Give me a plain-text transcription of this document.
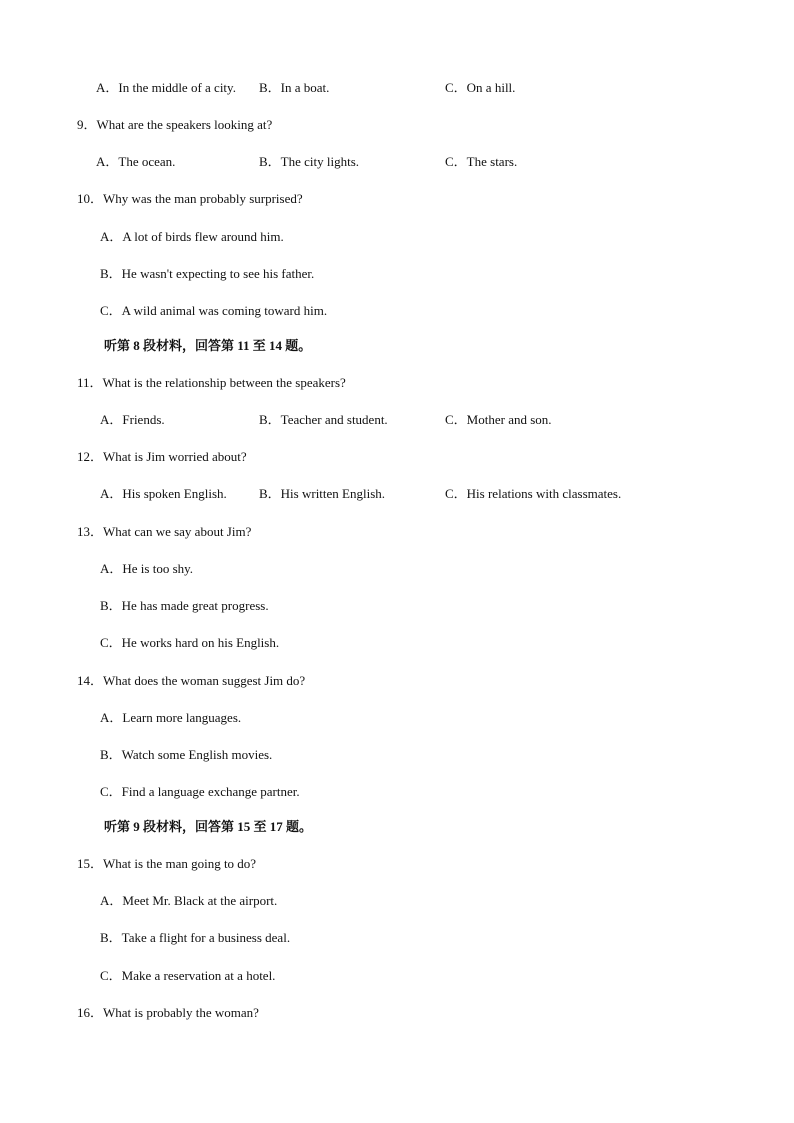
A．In the middle of a city. B．In a boat.	C．On a hill.
9．What are the speakers looking at?
A．The ocean.	B．The city lights.	C．The stars.
10．Why was the man probably surprised?
A．A lot of birds flew around him.
B．He wasn't expecting to see his father.
C．A wild animal was coming toward him.
听第 8 段材料，回答第 11 至 14 题。
11．What is the relationship between the speakers?
A．Friends.	B．Teacher and student.	C．Mother and son.
12．What is Jim worried about?
A．His spoken English. B．His written English.	C．His relations with classmates.
13．What can we say about Jim?
A．He is too shy.
B．He has made great progress.
C．He works hard on his English.
14．What does the woman suggest Jim do?
A．Learn more languages.
B．Watch some English movies.
C．Find a language exchange partner.
听第 9 段材料，回答第 15 至 17 题。
15．What is the man going to do?
A．Meet Mr. Black at the airport.
B．Take a flight for a business deal.
C．Make a reservation at a hotel.
16．What is probably the woman?
